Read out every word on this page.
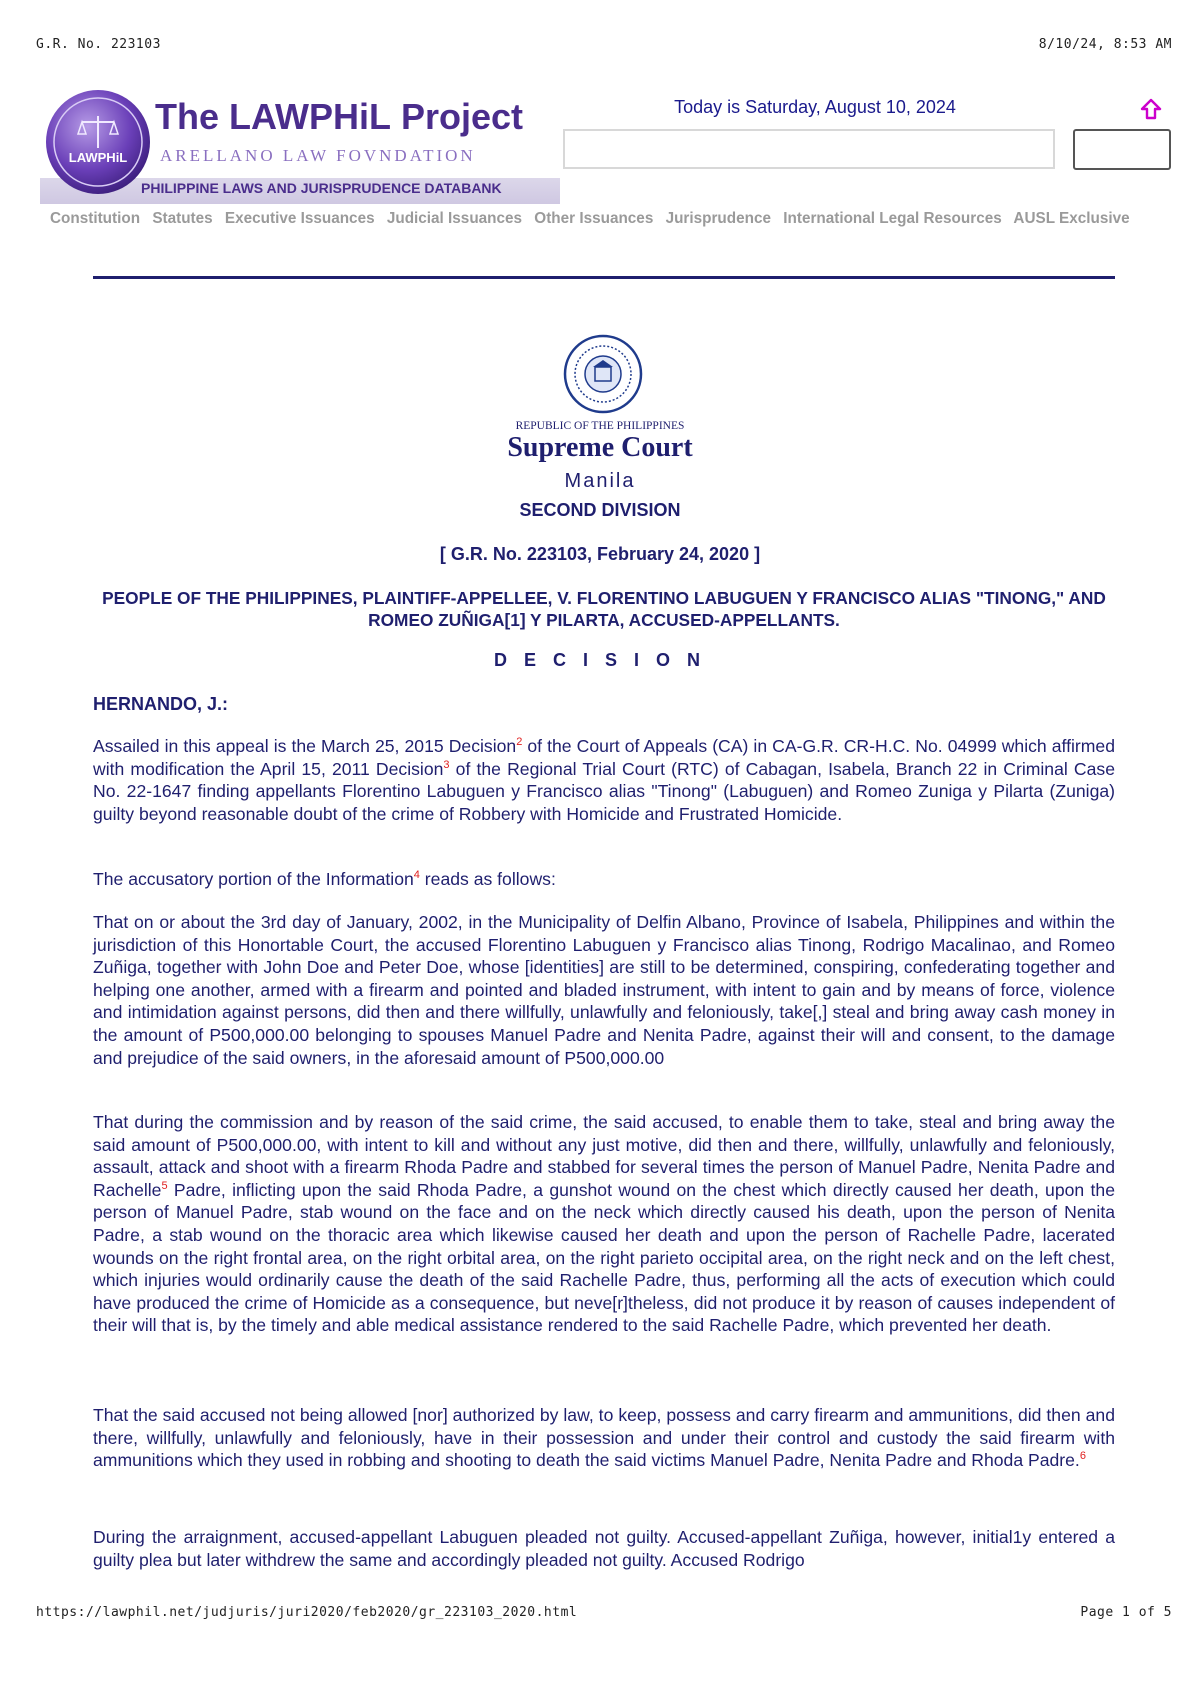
G.R. No. 223103	8/10/24, 8:53 AM
LAWPHiL
The LAWPHiL Project
ARELLANO LAW FOVNDATION
PHILIPPINE LAWS AND JURISPRUDENCE DATABANK
Today is Saturday, August 10, 2024
Constitution Statutes Executive Issuances Judicial Issuances Other Issuances Jurisprudence International Legal Resources AUSL Exclusive
REPUBLIC OF THE PHILIPPINES
Supreme Court
Manila
SECOND DIVISION
[ G.R. No. 223103, February 24, 2020 ]
PEOPLE OF THE PHILIPPINES, PLAINTIFF-APPELLEE, V. FLORENTINO LABUGUEN Y FRANCISCO ALIAS "TINONG," AND ROMEO ZUÑIGA[1] Y PILARTA, ACCUSED-APPELLANTS.
D E C I S I O N
HERNANDO, J.:
Assailed in this appeal is the March 25, 2015 Decision$^2$ of the Court of Appeals (CA) in CA-G.R. CR-H.C. No. 04999 which affirmed with modification the April 15, 2011 Decision$^3$ of the Regional Trial Court (RTC) of Cabagan, Isabela, Branch 22 in Criminal Case No. 22-1647 finding appellants Florentino Labuguen y Francisco alias "Tinong" (Labuguen) and Romeo Zuniga y Pilarta (Zuniga) guilty beyond reasonable doubt of the crime of Robbery with Homicide and Frustrated Homicide.
The accusatory portion of the Information$^4$ reads as follows:
That on or about the 3rd day of January, 2002, in the Municipality of Delfin Albano, Province of Isabela, Philippines and within the jurisdiction of this Honortable Court, the accused Florentino Labuguen y Francisco alias Tinong, Rodrigo Macalinao, and Romeo Zuñiga, together with John Doe and Peter Doe, whose [identities] are still to be determined, conspiring, confederating together and helping one another, armed with a firearm and pointed and bladed instrument, with intent to gain and by means of force, violence and intimidation against persons, did then and there willfully, unlawfully and feloniously, take[,] steal and bring away cash money in the amount of P500,000.00 belonging to spouses Manuel Padre and Nenita Padre, against their will and consent, to the damage and prejudice of the said owners, in the aforesaid amount of P500,000.00
That during the commission and by reason of the said crime, the said accused, to enable them to take, steal and bring away the said amount of P500,000.00, with intent to kill and without any just motive, did then and there, willfully, unlawfully and feloniously, assault, attack and shoot with a firearm Rhoda Padre and stabbed for several times the person of Manuel Padre, Nenita Padre and Rachelle$^5$ Padre, inflicting upon the said Rhoda Padre, a gunshot wound on the chest which directly caused her death, upon the person of Manuel Padre, stab wound on the face and on the neck which directly caused his death, upon the person of Nenita Padre, a stab wound on the thoracic area which likewise caused her death and upon the person of Rachelle Padre, lacerated wounds on the right frontal area, on the right orbital area, on the right parieto occipital area, on the right neck and on the left chest, which injuries would ordinarily cause the death of the said Rachelle Padre, thus, performing all the acts of execution which could have produced the crime of Homicide as a consequence, but neve[r]theless, did not produce it by reason of causes independent of their will that is, by the timely and able medical assistance rendered to the said Rachelle Padre, which prevented her death.
That the said accused not being allowed [nor] authorized by law, to keep, possess and carry firearm and ammunitions, did then and there, willfully, unlawfully and feloniously, have in their possession and under their control and custody the said firearm with ammunitions which they used in robbing and shooting to death the said victims Manuel Padre, Nenita Padre and Rhoda Padre.$^6$
During the arraignment, accused-appellant Labuguen pleaded not guilty. Accused-appellant Zuñiga, however, initial1y entered a guilty plea but later withdrew the same and accordingly pleaded not guilty. Accused Rodrigo
https://lawphil.net/judjuris/juri2020/feb2020/gr_223103_2020.html	Page 1 of 5
